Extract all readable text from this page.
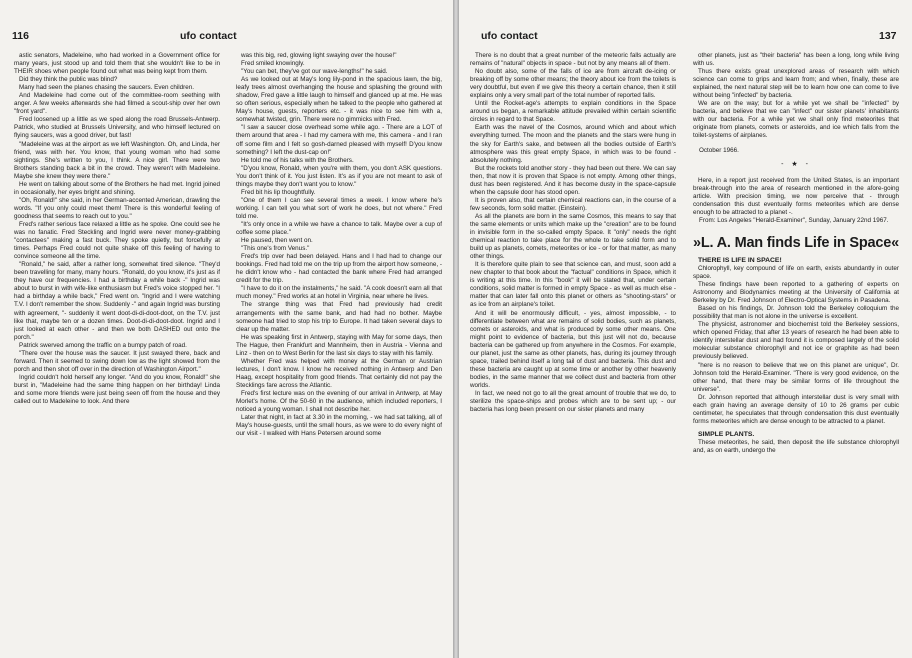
116	ufo contact

astic senators, Madeleine, who had worked in a Government office for many years, just stood up and told them that she wouldn't like to be in THEIR shoes when people found out what was being kept from them.

Did they think the public was blind?

Many had seen the planes chasing the saucers. Even children.

And Madeleine had come out of the committee-room seething with anger. A few weeks afterwards she had filmed a scout-ship over her own "front yard".

Fred loosened up a little as we sped along the road Brussels-Antwerp. Patrick, who studied at Brussels University, and who himself lectured on flying saucers, was a good driver, but fast!

"Madeleine was at the airport as we left Washington. Oh, and Linda, her friend, was with her. You know, that young woman who had some sightings. She's written to you, I think. A nice girl. There were two Brothers standing back a bit in the crowd. They weren't with Madeleine. Maybe she knew they were there."

He went on talking about some of the Brothers he had met. Ingrid joined in occasionally, her eyes bright and shining.

"Oh, Ronald!" she said, in her German-accented American, drawling the words. "If you only could meet them! There is this wonderful feeling of goodness that seems to reach out to you."

Fred's rather serious face relaxed a little as he spoke. One could see he was no fanatic. Fred Steckling and Ingrid were never money-grabbing "contactees" making a fast buck. They spoke quietly, but forcefully at times. Perhaps Fred could not quite shake off this feeling of having to convince someone all the time.

"Ronald," he said, after a rather long, somewhat tired silence. "They'd been travelling for many, many hours. "Ronald, do you know, it's just as if they have our frequencies. I had a birthday a while back -" Ingrid was about to burst in with wife-like enthusiasm but Fred's voice stopped her. "I had a birthday a while back," Fred went on. "Ingrid and I were watching T.V. I don't remember the show. Suddenly -" and again Ingrid was bursting with agreement, "- suddenly it went doot-di-di-doot-doot, on the T.V. just like that, maybe ten or a dozen times. Doot-di-di-doot-doot. Ingrid and I just looked at each other - and then we both DASHED out onto the porch."

Patrick swerved among the traffic on a bumpy patch of road.

"There over the house was the saucer. It just swayed there, back and forward. Then it seemed to swing down low as the light showed from the porch and then shot off over in the direction of Washington Airport."

Ingrid couldn't hold herself any longer. "And do you know, Ronald!" she burst in, "Madeleine had the same thing happen on her birthday! Linda and some more friends were just being seen off from the house and they called out to Madeleine to look. And there

was this big, red, glowing light swaying over the house!"

Fred smiled knowingly.

"You can bet, they've got our wave-lengths!" he said.

As we looked out at May's long lily-pond in the spacious lawn, the big, leafy trees almost overhanging the house and splashing the ground with shadow, Fred gave a little laugh to himself and glanced up at me. He was so often serious, especially when he talked to the people who gathered at May's house, guests, reporters etc. - it was nice to see him with a, somewhat twisted, grin. There were no gimmicks with Fred.

"I saw a saucer close overhead some while ago. - There are a LOT of them around that area - I had my camera with me, this camera - and I ran off some film and I felt so gosh-darned pleased with myself! D'you know something? I left the dust-cap on!"

He told me of his talks with the Brothers.

"D'you know, Ronald, when you're with them, you don't ASK questions. You don't think of it. You just listen. It's as if you are not meant to ask of things maybe they don't want you to know."

Fred bit his lip thoughtfully.

"One of them I can see several times a week. I know where he's working. I can tell you what sort of work he does, but not where." Fred told me.

"It's only once in a while we have a chance to talk. Maybe over a cup of coffee some place."

He paused, then went on.

"This one's from Venus."

Fred's trip over had been delayed. Hans and I had had to change our bookings. Fred had told me on the trip up from the airport how someone, - he didn't know who - had contacted the bank where Fred had arranged credit for the trip.

"I have to do it on the instalments," he said. "A cook doesn't earn all that much money." Fred works at an hotel in Virginia, near where he lives.

The strange thing was that Fred had previously had credit arrangements with the same bank, and had had no bother. Maybe someone had tried to stop his trip to Europe. It had taken several days to clear up the matter.

He was speaking first in Antwerp, staying with May for some days, then The Hague, then Frankfurt and Mannheim, then in Austria - Vienna and Linz - then on to West Berlin for the last six days to stay with his family.

Whether Fred was helped with money at the German or Austrian lectures, I don't know. I know he received nothing in Antwerp and Den Haag, except hospitality from good friends. That certainly did not pay the Stecklings fare across the Atlantic.

Fred's first lecture was on the evening of our arrival in Antwerp, at May Morlet's home. Of the 50-60 in the audience, which included reporters, I noticed a young woman. I shall not describe her.

Later that night, in fact at 3.30 in the morning, - we had sat talking, all of May's house-guests, until the small hours, as we were to do every night of our visit - I walked with Hans Petersen around some

ufo contact	137

There is no doubt that a great number of the meteoric falls actually are remains of "natural" objects in space - but not by any means all of them.

No doubt also, some of the falls of ice are from aircraft de-icing or breaking off by some other means; the theory about ice from the toilets is very doubtful, but even if we give this theory a certain chance, then it still explains only a very small part of the total number of reported falls.

Until the Rocket-age's attempts to explain conditions in the Space around us began, a remarkable attitude prevailed within certain scientific circles in regard to that Space.

Earth was the navel of the Cosmos, around which and about which everything turned. The moon and the planets and the stars were hung in the sky for Earth's sake, and between all the bodies outside of Earth's atmosphere was this great empty Space, in which was to be found - absolutely nothing.

But the rockets told another story - they had been out there. We can say then, that now it is proven that Space is not empty. Among other things, dust has been registered. And it has become dusty in the space-capsule when the capsule door has stood open.

It is proven also, that certain chemical reactions can, in the course of a few seconds, form solid matter. (Einstein).

As all the planets are born in the same Cosmos, this means to say that the same elements or units which make up the "creation" are to be found in invisible form in the so-called empty Space. It "only" needs the right chemical reaction to take place for the whole to take solid form and to build up as planets, comets, meteorites or ice - or for that matter, as many other things.

It is therefore quite plain to see that science can, and must, soon add a new chapter to that book about the "factual" conditions in Space, which it is writing at this time. In this "book" it will be stated that, under certain conditions, solid matter is formed in empty Space - as well as much else - matter that can later fall onto this planet or others as "shooting-stars" or as ice from an airplane's toilet.

And it will be enormously difficult, - yes, almost impossible, - to differentiate between what are remains of solid bodies, such as planets, comets or asteroids, and what is produced by some other means. One might point to evidence of bacteria, but this just will not do, because bacteria can be gathered up from anywhere in the Cosmos. For example, our planet, just the same as other planets, has, during its journey through space, trailed behind itself a long tail of dust and bacteria. This dust and these bacteria are caught up at some time or another by other heavenly bodies, in the same manner that we collect dust and bacteria from other worlds.

In fact, we need not go to all the great amount of trouble that we do, to sterilize the space-ships and probes which are to be sent up; - our bacteria has long been present on our sister planets and many

other planets, just as "their bacteria" has been a long, long while living with us.

Thus there exists great unexplored areas of research with which science can come to grips and learn from; and when, finally, these are explained, the next natural step will be to learn how one can come to live without being "infected" by bacteria.

We are on the way; but for a while yet we shall be "infected" by bacteria, and believe that we can "infect" our sister planets' inhabitants with our bacteria. For a while yet we shall only find meteorites that originate from planets, comets or asteroids, and ice which falls from the toilet-systems of airplanes.

October 1966.

- ★ -

Here, in a report just received from the United States, is an important break-through into the area of research mentioned in the afore-going article. With precision timing, we now perceive that - through condensation this dust eventually forms meteorites which are dense enough to be attracted to a planet -.

From: Los Angeles "Herald-Examiner", Sunday, January 22nd 1967.

»L. A. Man finds Life in Space«

THERE IS LIFE IN SPACE!

Chlorophyll, key compound of life on earth, exists abundantly in outer space.

These findings have been reported to a gathering of experts on Astronomy and Biodynamics meeting at the University of California at Berkeley by Dr. Fred Johnson of Electro-Optical Systems in Pasadena.

Based on his findings, Dr. Johnson told the Berkeley colloquium the possibility that man is not alone in the universe is excellent.

The physicist, astronomer and biochemist told the Berkeley sessions, which opened Friday, that after 13 years of research he had been able to identify interstellar dust and had found it is composed largely of the solid molecular substance chlorophyll and not ice or graphite as had been previously believed.

"here is no reason to believe that we on this planet are unique", Dr. Johnson told the Herald-Examiner. "There is very good evidence, on the other hand, that there may be similar forms of life throughout the universe".

Dr. Johnson reported that although interstellar dust is very small with each grain having an average density of 10 to 26 grams per cubic centimeter, he speculates that through condensation this dust eventually forms meteorites which are dense enough to be attracted to a planet.

SIMPLE PLANTS.

These meteorites, he said, then deposit the life substance chlorophyll and, as on earth, undergo the
